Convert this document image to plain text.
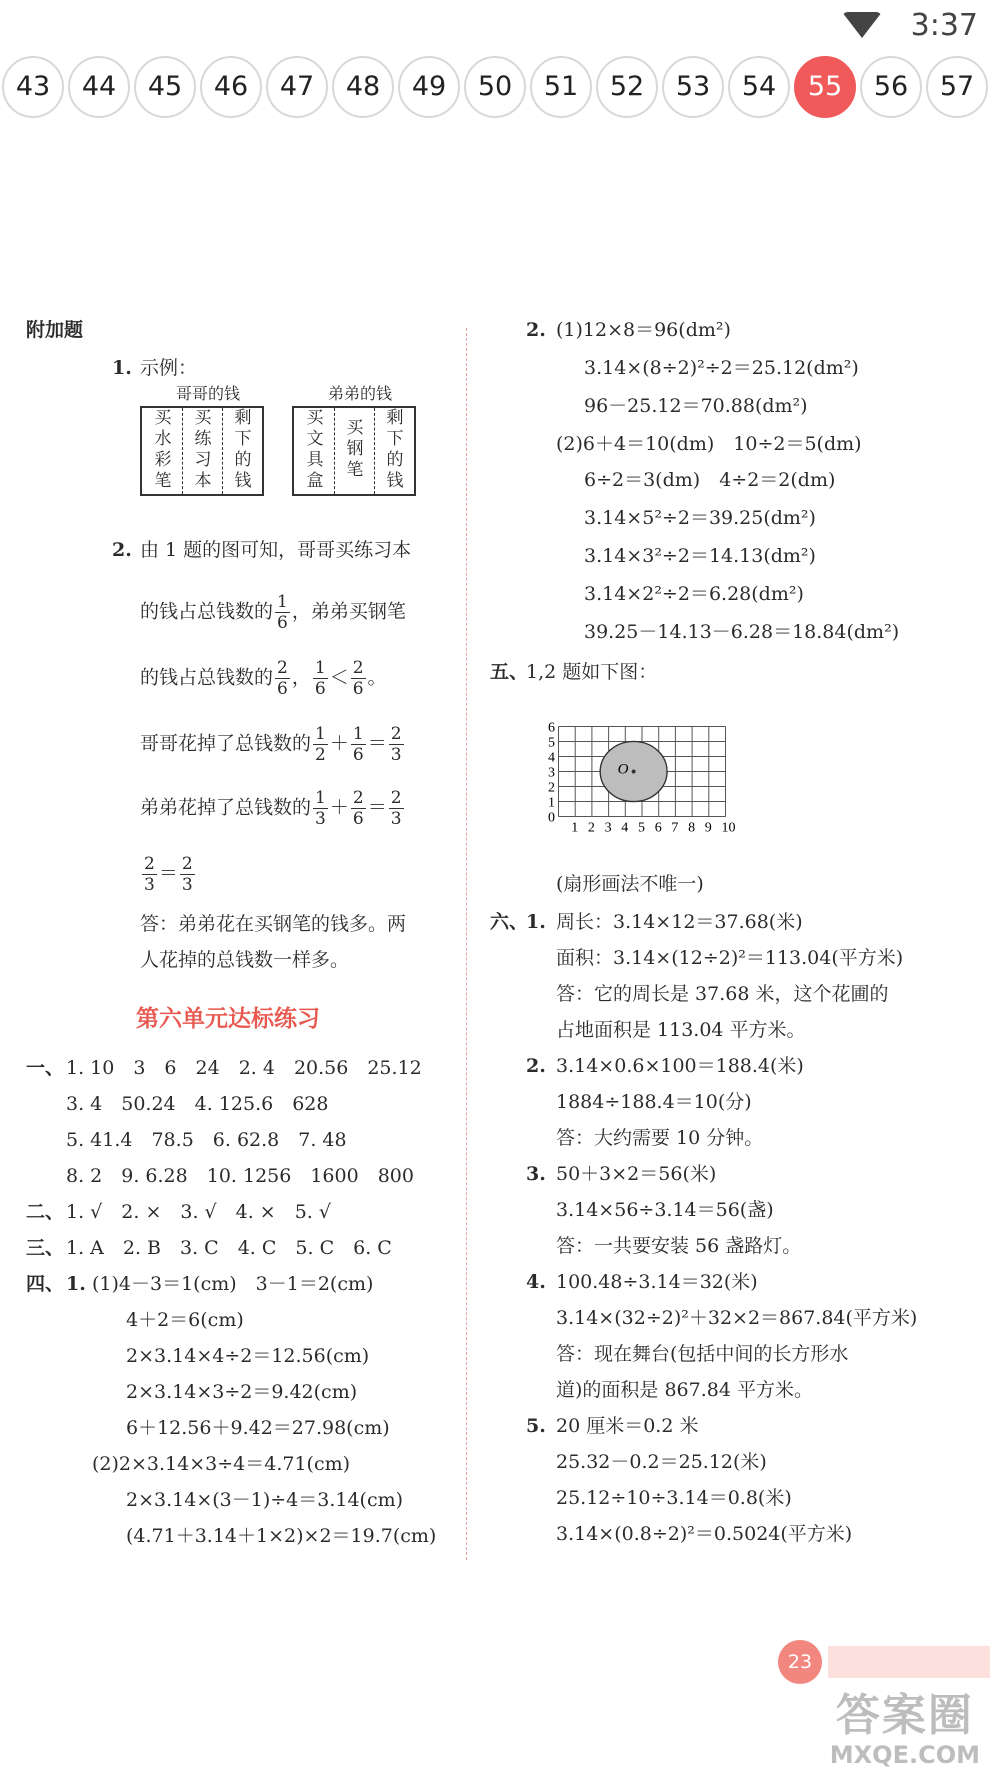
3:37
43	44	45	46	47	48	49	50	51	52	53	54	55	56	57
附加题
1. 示例：
哥哥的钱	弟弟的钱
买
水
彩
笔
买
练
习
本
剩
下
的
钱
买
文
具
盒
买
钢
笔
剩
下
的
钱
2. 由 1 题的图可知，哥哥买练习本
的钱占总钱数的 $\frac{1}{6}$ ，弟弟买钢笔
的钱占总钱数的 $\frac{2}{6}$ ， $\frac{1}{6} < \frac{2}{6}$ 。
哥哥花掉了总钱数的 $\frac{1}{2} + \frac{1}{6} = \frac{2}{3}$
弟弟花掉了总钱数的 $\frac{1}{3} + \frac{2}{6} = \frac{2}{3}$
$\frac{2}{3} = \frac{2}{3}$
答：弟弟花在买钢笔的钱多。两
人花掉的总钱数一样多。
第六单元达标练习
一、 1. 10　3　6　24　2. 4　20.56　25.12
3. 4　50.24　4. 125.6　628
5. 41.4　78.5　6. 62.8　7. 48
8. 2　9. 6.28　10. 1256　1600　800
二、 1. √　2. ×　3. √　4. ×　5. √
三、 1. A　2. B　3. C　4. C　5. C　6. C
四、 1. (1)4－3＝1(cm)　3－1＝2(cm)
4＋2＝6(cm)
2×3.14×4÷2＝12.56(cm)
2×3.14×3÷2＝9.42(cm)
6＋12.56＋9.42＝27.98(cm)
(2)2×3.14×3÷4＝4.71(cm)
2×3.14×(3－1)÷4＝3.14(cm)
(4.71＋3.14＋1×2)×2＝19.7(cm)
2. (1)12×8＝96(dm²)
3.14×(8÷2)²÷2＝25.12(dm²)
96－25.12＝70.88(dm²)
(2)6＋4＝10(dm)　10÷2＝5(dm)
6÷2＝3(dm)　4÷2＝2(dm)
3.14×5²÷2＝39.25(dm²)
3.14×3²÷2＝14.13(dm²)
3.14×2²÷2＝6.28(dm²)
39.25－14.13－6.28＝18.84(dm²)
五、
1,2 题如下图：
6
5
4
3
2
1
0
1 2 3 4 5 6 7 8 9 10
O
(扇形画法不唯一)
六、
1. 周长：3.14×12＝37.68(米)
面积：3.14×(12÷2)²＝113.04(平方米)
答：它的周长是 37.68 米，这个花圃的
占地面积是 113.04 平方米。
2. 3.14×0.6×100＝188.4(米)
1884÷188.4＝10(分)
答：大约需要 10 分钟。
3. 50＋3×2＝56(米)
3.14×56÷3.14＝56(盏)
答：一共要安装 56 盏路灯。
4. 100.48÷3.14＝32(米)
3.14×(32÷2)²＋32×2＝867.84(平方米)
答：现在舞台(包括中间的长方形水
道)的面积是 867.84 平方米。
5. 20 厘米＝0.2 米
25.32－0.2＝25.12(米)
25.12÷10÷3.14＝0.8(米)
3.14×(0.8÷2)²＝0.5024(平方米)
23
答案圈
MXQE.COM
